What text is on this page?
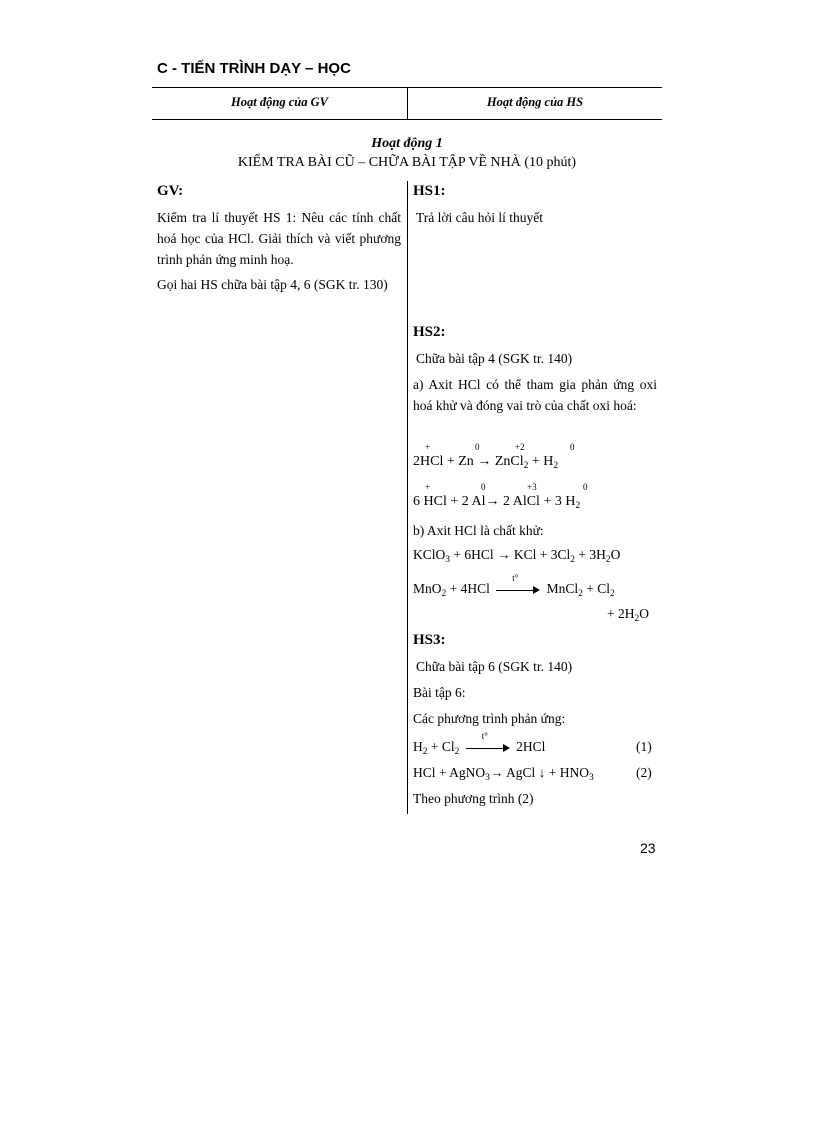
C - TIẾN TRÌNH DẠY – HỌC
Hoạt động của GV	Hoạt động của HS
Hoạt động 1
KIỂM TRA BÀI CŨ – CHỮA BÀI TẬP VỀ NHÀ (10 phút)
GV:
Kiểm tra lí thuyết HS 1: Nêu các tính chất hoá học của HCl. Giải thích và viết phương trình phản ứng minh hoạ.
Gọi hai HS chữa bài tập 4, 6 (SGK tr. 130)
HS1:
Trả lời câu hỏi lí thuyết
HS2:
Chữa bài tập 4 (SGK tr. 140)
a) Axit HCl có thể tham gia phản ứng oxi hoá khử và đóng vai trò của chất oxi hoá:
+	0	+2	0
2HCl + Zn → ZnCl$_2$ + $H_2$
+	0	+3	0
6 HCl + 2 Al→ 2 AlCl + 3 $H_2$
b) Axit HCl là chất khử:
KClO$_3$ + 6HCl → KCl + $3Cl_2 + 3H_2O$
MnO$_2$ + 4HCl
t°
MnCl$_2$ + $Cl_2$
+ $2H_2O$
HS3:
Chữa bài tập 6 (SGK tr. 140)
Bài tập 6:
Các phương trình phản ứng:
$H_2 + Cl_2$
t°
2HCl	(1)
HCl + AgNO$_3$→ AgCl ↓ + $HNO_3$	(2)
Theo phương trình (2)
23
